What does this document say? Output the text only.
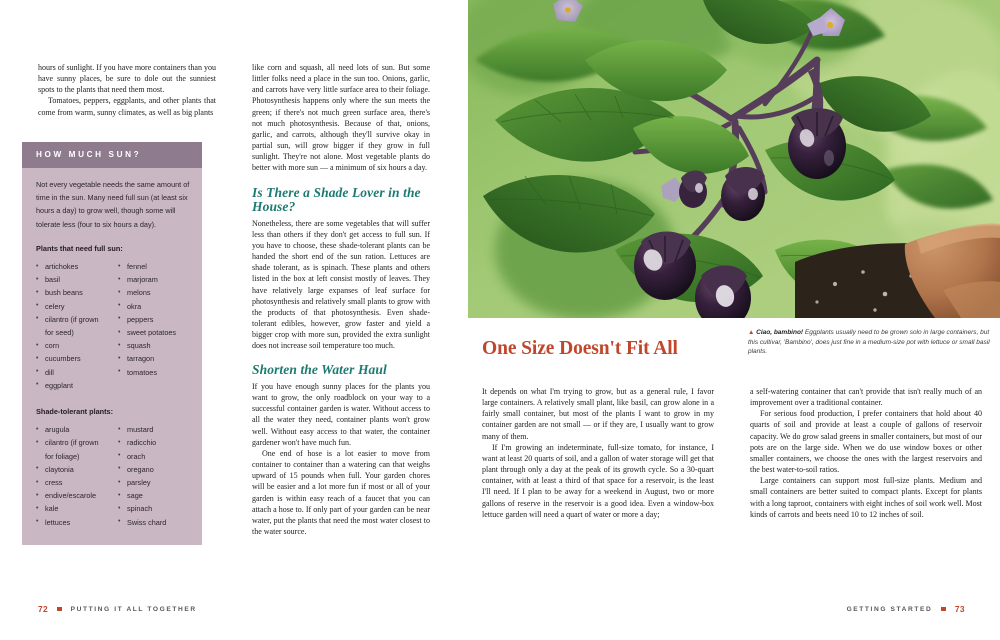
hours of sunlight. If you have more containers than you have sunny places, be sure to dole out the sunniest spots to the plants that need them most.

Tomatoes, peppers, eggplants, and other plants that come from warm, sunny climates, as well as big plants

like corn and squash, all need lots of sun. But some littler folks need a place in the sun too. Onions, garlic, and carrots have very little surface area to their foliage. Photosynthesis happens only where the sun meets the green; if there's not much green surface area, there's not much photosynthesis. Because of that, onions, garlic, and carrots, although they'll survive okay in partial sun, will grow bigger if they grow in full sunlight. They're not alone. Most vegetable plants do better with more sun — a minimum of six hours a day.

Is There a Shade Lover in the House?

Nonetheless, there are some vegetables that will suffer less than others if they don't get access to full sun. If you have to choose, these shade-tolerant plants can be handed the short end of the sun ration. Lettuces are shade tolerant, as is spinach. These plants and others listed in the box at left consist mostly of leaves. They have relatively large expanses of leaf surface for photosynthesis and relatively small plants to grow with the products of that photosynthesis. Even shade-tolerant edibles, however, grow faster and yield a bigger crop with more sun, provided the extra sunlight does not increase soil temperature too much.

Shorten the Water Haul

If you have enough sunny places for the plants you want to grow, the only roadblock on your way to a successful container garden is water. Without access to all the water they need, container plants won't grow well. Without easy access to that water, the container gardener won't have much fun.

One end of hose is a lot easier to move from container to container than a watering can that weighs upward of 15 pounds when full. Your garden chores will be easier and a lot more fun if most or all of your garden is within easy reach of a faucet that you can attach a hose to. If only part of your garden can be near water, put the plants that need the most water closest to the water source.

HOW MUCH SUN?

Not every vegetable needs the same amount of time in the sun. Many need full sun (at least six hours a day) to grow well, though some will tolerate less (four to six hours a day).

Plants that need full sun:

• artichokes
• basil
• bush beans
• celery
• cilantro (if grown
for seed)
• corn
• cucumbers
• dill
• eggplant
• fennel
• marjoram
• melons
• okra
• peppers
• sweet potatoes
• squash
• tarragon
• tomatoes

Shade-tolerant plants:

• arugula
• cilantro (if grown
for foliage)
• claytonia
• cress
• endive/escarole
• kale
• lettuces
• mustard
• radicchio
• orach
• oregano
• parsley
• sage
• spinach
• Swiss chard
72	PUTTING IT ALL TOGETHER
▲ Ciao, bambino! Eggplants usually need to be grown solo in large containers, but this cultivar, 'Bambino', does just fine in a medium-size pot with lettuce or small basil plants.
One Size Doesn't Fit All

It depends on what I'm trying to grow, but as a general rule, I favor large containers. A relatively small plant, like basil, can grow alone in a fairly small container, but most of the plants I want to grow in my container garden are not small — or if they are, I usually want to grow many of them.

If I'm growing an indeterminate, full-size tomato, for instance, I want at least 20 quarts of soil, and a gallon of water storage will get that plant through only a day at the peak of its growth cycle. So a 30-quart container, with at least a third of that space for a reservoir, is the least I'll need. If I plan to be away for a weekend in August, two or more gallons of reserve in the reservoir is a good idea. Even a window-box lettuce garden will need a quart of water or more a day;

a self-watering container that can't provide that isn't really much of an improvement over a traditional container.

For serious food production, I prefer containers that hold about 40 quarts of soil and provide at least a couple of gallons of reservoir capacity. We do grow salad greens in smaller containers, but most of our pots are on the large side. When we do use window boxes or other smaller containers, we choose the ones with the largest reservoirs and the best water-to-soil ratios.

Large containers can support most full-size plants. Medium and small containers are better suited to compact plants. Except for plants with a long taproot, containers with eight inches of soil work well. Most kinds of carrots and beets need 10 to 12 inches of soil.

GETTING STARTED	73
